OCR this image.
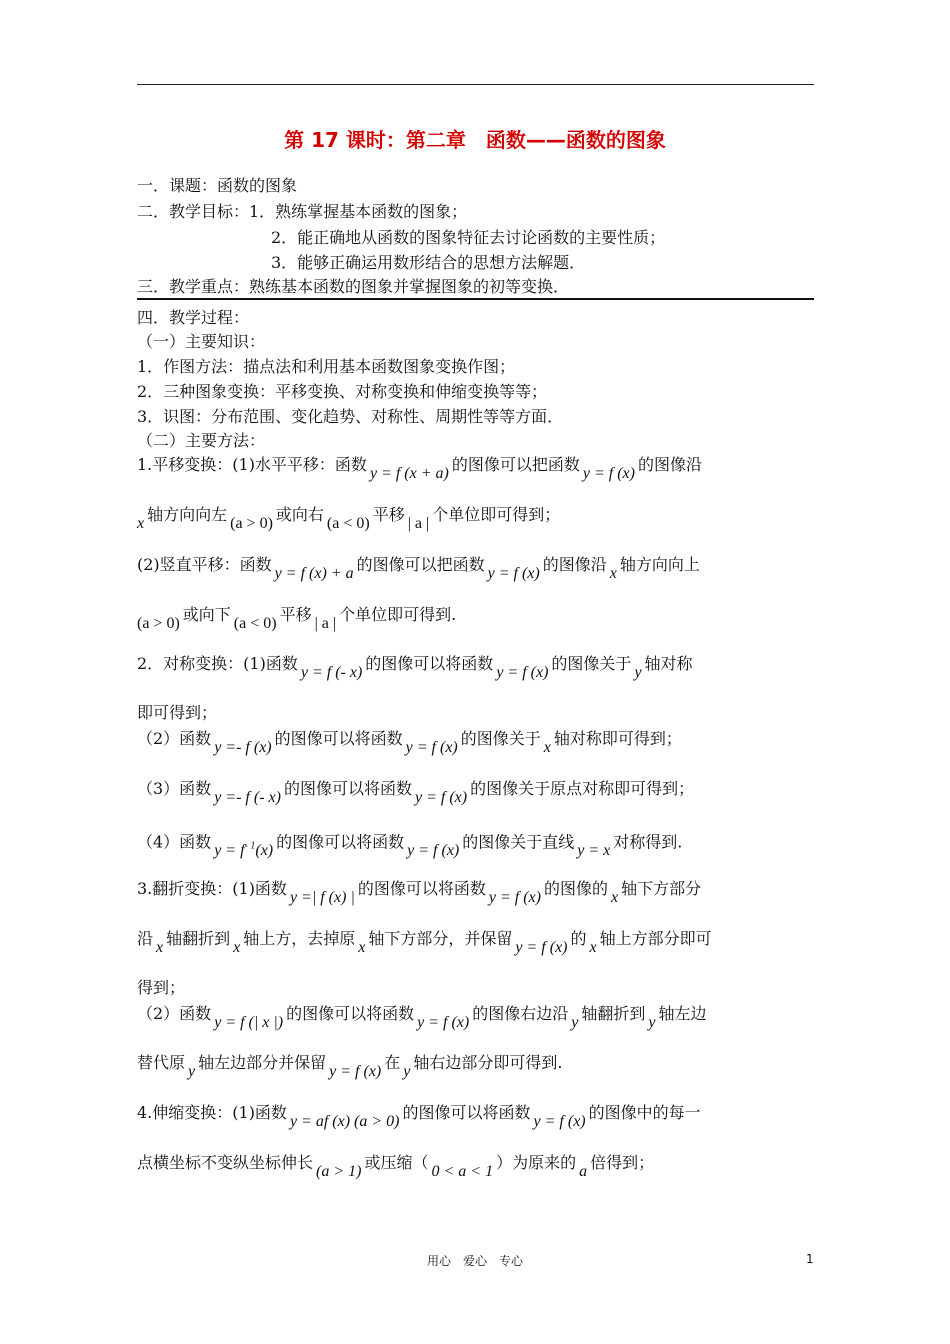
第 17 课时：第二章　函数——函数的图象
一．课题：函数的图象
二．教学目标：1．熟练掌握基本函数的图象；
2．能正确地从函数的图象特征去讨论函数的主要性质；
3．能够正确运用数形结合的思想方法解题．
三．教学重点：熟练基本函数的图象并掌握图象的初等变换．
四．教学过程：
（一）主要知识：
1．作图方法：描点法和利用基本函数图象变换作图；
2．三种图象变换：平移变换、对称变换和伸缩变换等等；
3．识图：分布范围、变化趋势、对称性、周期性等等方面．
（二）主要方法：
1.平移变换：(1)水平平移：函数 y = f (x + a) 的图像可以把函数 y = f (x) 的图像沿
x 轴方向向左 (a > 0) 或向右 (a < 0) 平移 | a | 个单位即可得到；
(2)竖直平移：函数 y = f (x) + a 的图像可以把函数 y = f (x) 的图像沿 x 轴方向向上
(a > 0) 或向下 (a < 0) 平移 | a | 个单位即可得到.
2．对称变换：(1)函数 y = f (- x) 的图像可以将函数 y = f (x) 的图像关于 y 轴对称
即可得到；
（2）函数 y =- f (x) 的图像可以将函数 y = f (x) 的图像关于 x 轴对称即可得到；
（3）函数 y =- f (- x) 的图像可以将函数 y = f (x) 的图像关于原点对称即可得到；
（4）函数 $y = f^{- 1}(x)$ 的图像可以将函数 y = f (x) 的图像关于直线 y = x 对称得到.
3.翻折变换：(1)函数 y =| f (x) | 的图像可以将函数 y = f (x) 的图像的 x 轴下方部分
沿 x 轴翻折到 x 轴上方，去掉原 x 轴下方部分，并保留 y = f (x) 的 x 轴上方部分即可
得到；
（2）函数 y = f (| x |) 的图像可以将函数 y = f (x) 的图像右边沿 y 轴翻折到 y 轴左边
替代原 y 轴左边部分并保留 y = f (x) 在 y 轴右边部分即可得到.
4.伸缩变换：(1)函数 y = af (x) (a > 0) 的图像可以将函数 y = f (x) 的图像中的每一
点横坐标不变纵坐标伸长 (a > 1) 或压缩（ 0 < a < 1 ）为原来的 a 倍得到；
用心　爱心　专心	1
